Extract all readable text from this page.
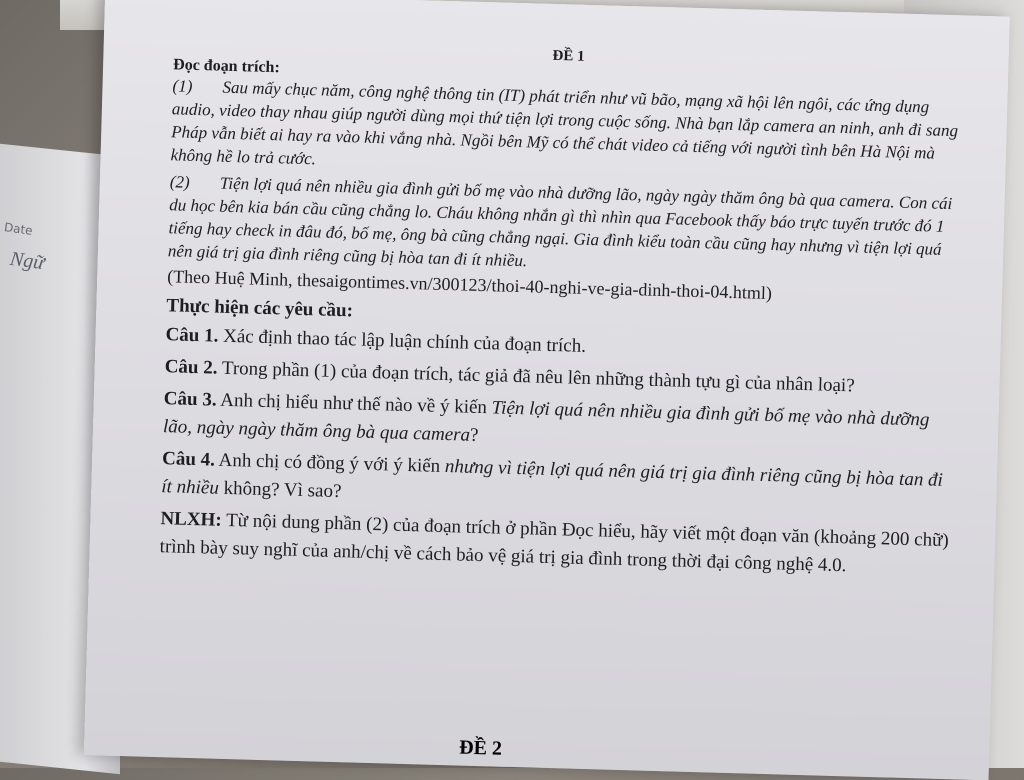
Date
Ngữ

ĐỀ 1

Đọc đoạn trích:

(1) Sau mấy chục năm, công nghệ thông tin (IT) phát triển như vũ bão, mạng xã hội lên ngôi, các ứng dụng audio, video thay nhau giúp người dùng mọi thứ tiện lợi trong cuộc sống. Nhà bạn lắp camera an ninh, anh đi sang Pháp vẫn biết ai hay ra vào khi vắng nhà. Ngồi bên Mỹ có thể chát video cả tiếng với người tình bên Hà Nội mà không hề lo trả cước.

(2) Tiện lợi quá nên nhiều gia đình gửi bố mẹ vào nhà dưỡng lão, ngày ngày thăm ông bà qua camera. Con cái du học bên kia bán cầu cũng chẳng lo. Cháu không nhắn gì thì nhìn qua Facebook thấy báo trực tuyến trước đó 1 tiếng hay check in đâu đó, bố mẹ, ông bà cũng chẳng ngại. Gia đình kiểu toàn cầu cũng hay nhưng vì tiện lợi quá nên giá trị gia đình riêng cũng bị hòa tan đi ít nhiều.

(Theo Huệ Minh, thesaigontimes.vn/300123/thoi-40-nghi-ve-gia-dinh-thoi-04.html)

Thực hiện các yêu cầu:

Câu 1. Xác định thao tác lập luận chính của đoạn trích.

Câu 2. Trong phần (1) của đoạn trích, tác giả đã nêu lên những thành tựu gì của nhân loại?

Câu 3. Anh chị hiểu như thế nào về ý kiến Tiện lợi quá nên nhiều gia đình gửi bố mẹ vào nhà dưỡng lão, ngày ngày thăm ông bà qua camera?

Câu 4. Anh chị có đồng ý với ý kiến nhưng vì tiện lợi quá nên giá trị gia đình riêng cũng bị hòa tan đi ít nhiều không? Vì sao?

NLXH: Từ nội dung phần (2) của đoạn trích ở phần Đọc hiểu, hãy viết một đoạn văn (khoảng 200 chữ) trình bày suy nghĩ của anh/chị về cách bảo vệ giá trị gia đình trong thời đại công nghệ 4.0.

ĐỀ 2
